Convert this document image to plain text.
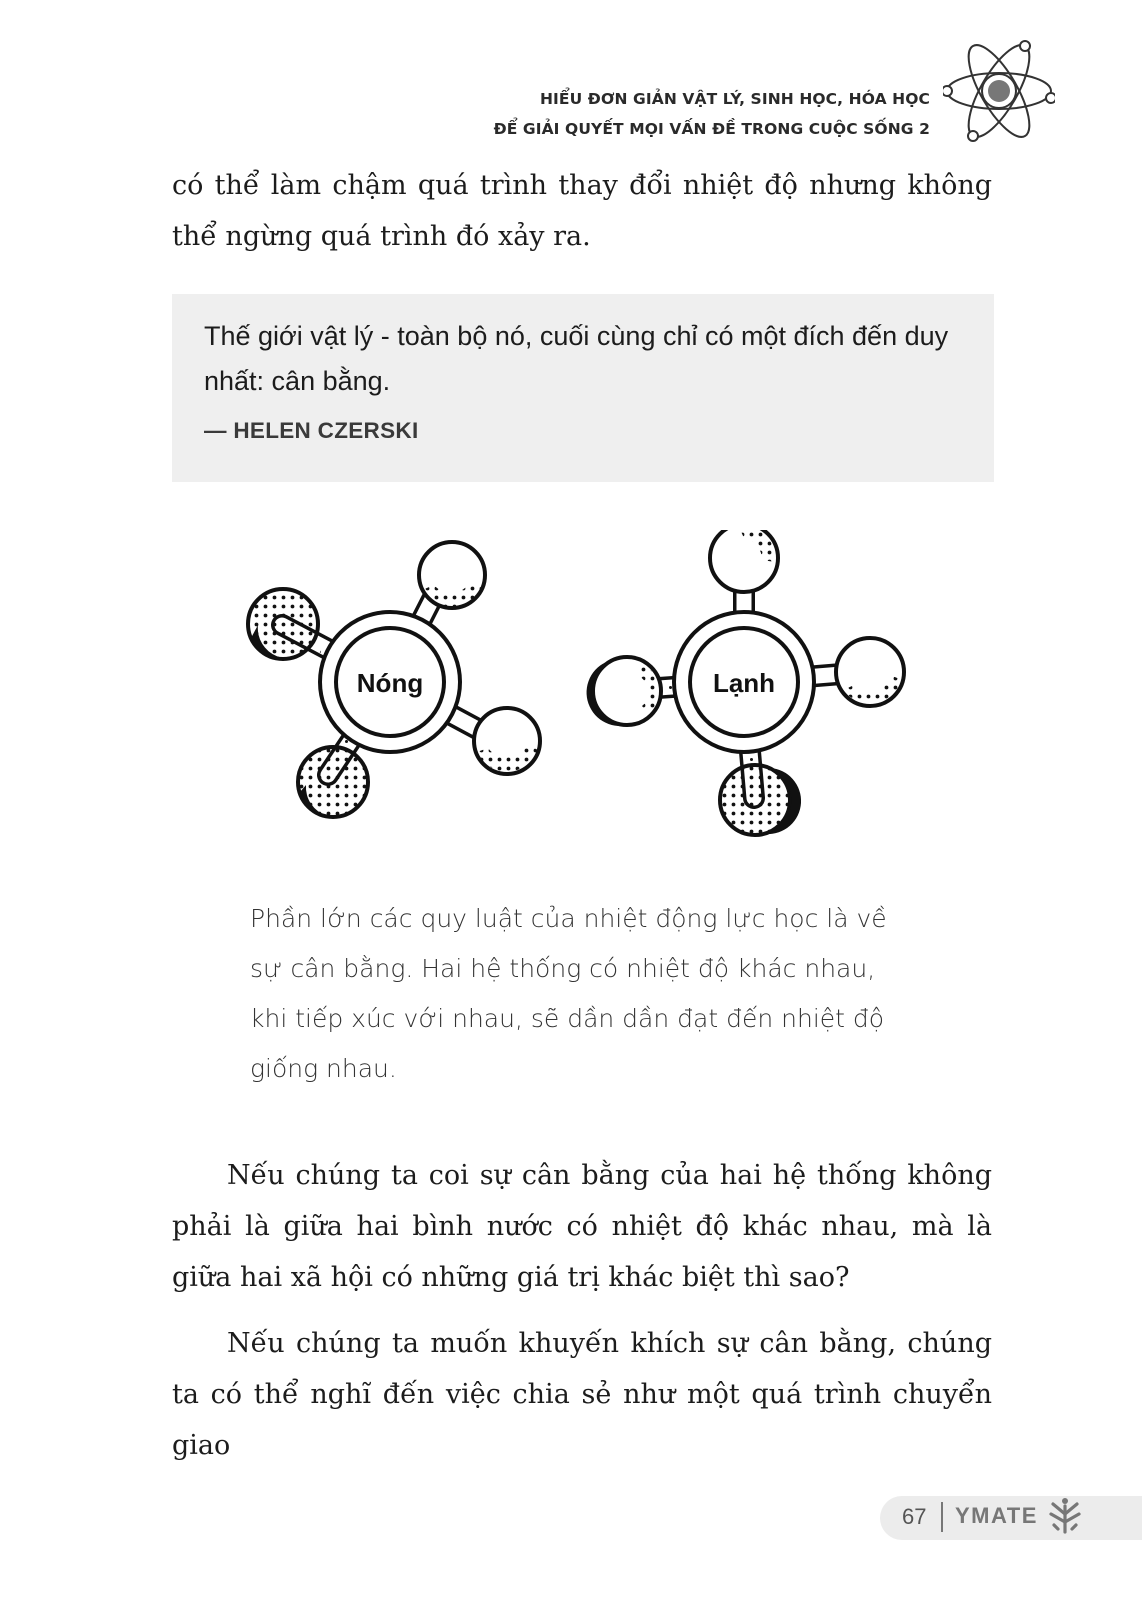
HIỂU ĐƠN GIẢN VẬT LÝ, SINH HỌC, HÓA HỌC
ĐỂ GIẢI QUYẾT MỌI VẤN ĐỀ TRONG CUỘC SỐNG 2

có thể làm chậm quá trình thay đổi nhiệt độ nhưng không thể ngừng quá trình đó xảy ra.

Thế giới vật lý - toàn bộ nó, cuối cùng chỉ có một đích đến duy nhất: cân bằng.

— HELEN CZERSKI
Nóng	Lạnh

Phần lớn các quy luật của nhiệt động lực học là về sự cân bằng. Hai hệ thống có nhiệt độ khác nhau, khi tiếp xúc với nhau, sẽ dần dần đạt đến nhiệt độ giống nhau.

Nếu chúng ta coi sự cân bằng của hai hệ thống không phải là giữa hai bình nước có nhiệt độ khác nhau, mà là giữa hai xã hội có những giá trị khác biệt thì sao?

Nếu chúng ta muốn khuyến khích sự cân bằng, chúng ta có thể nghĩ đến việc chia sẻ như một quá trình chuyển giao

67 YMATE
